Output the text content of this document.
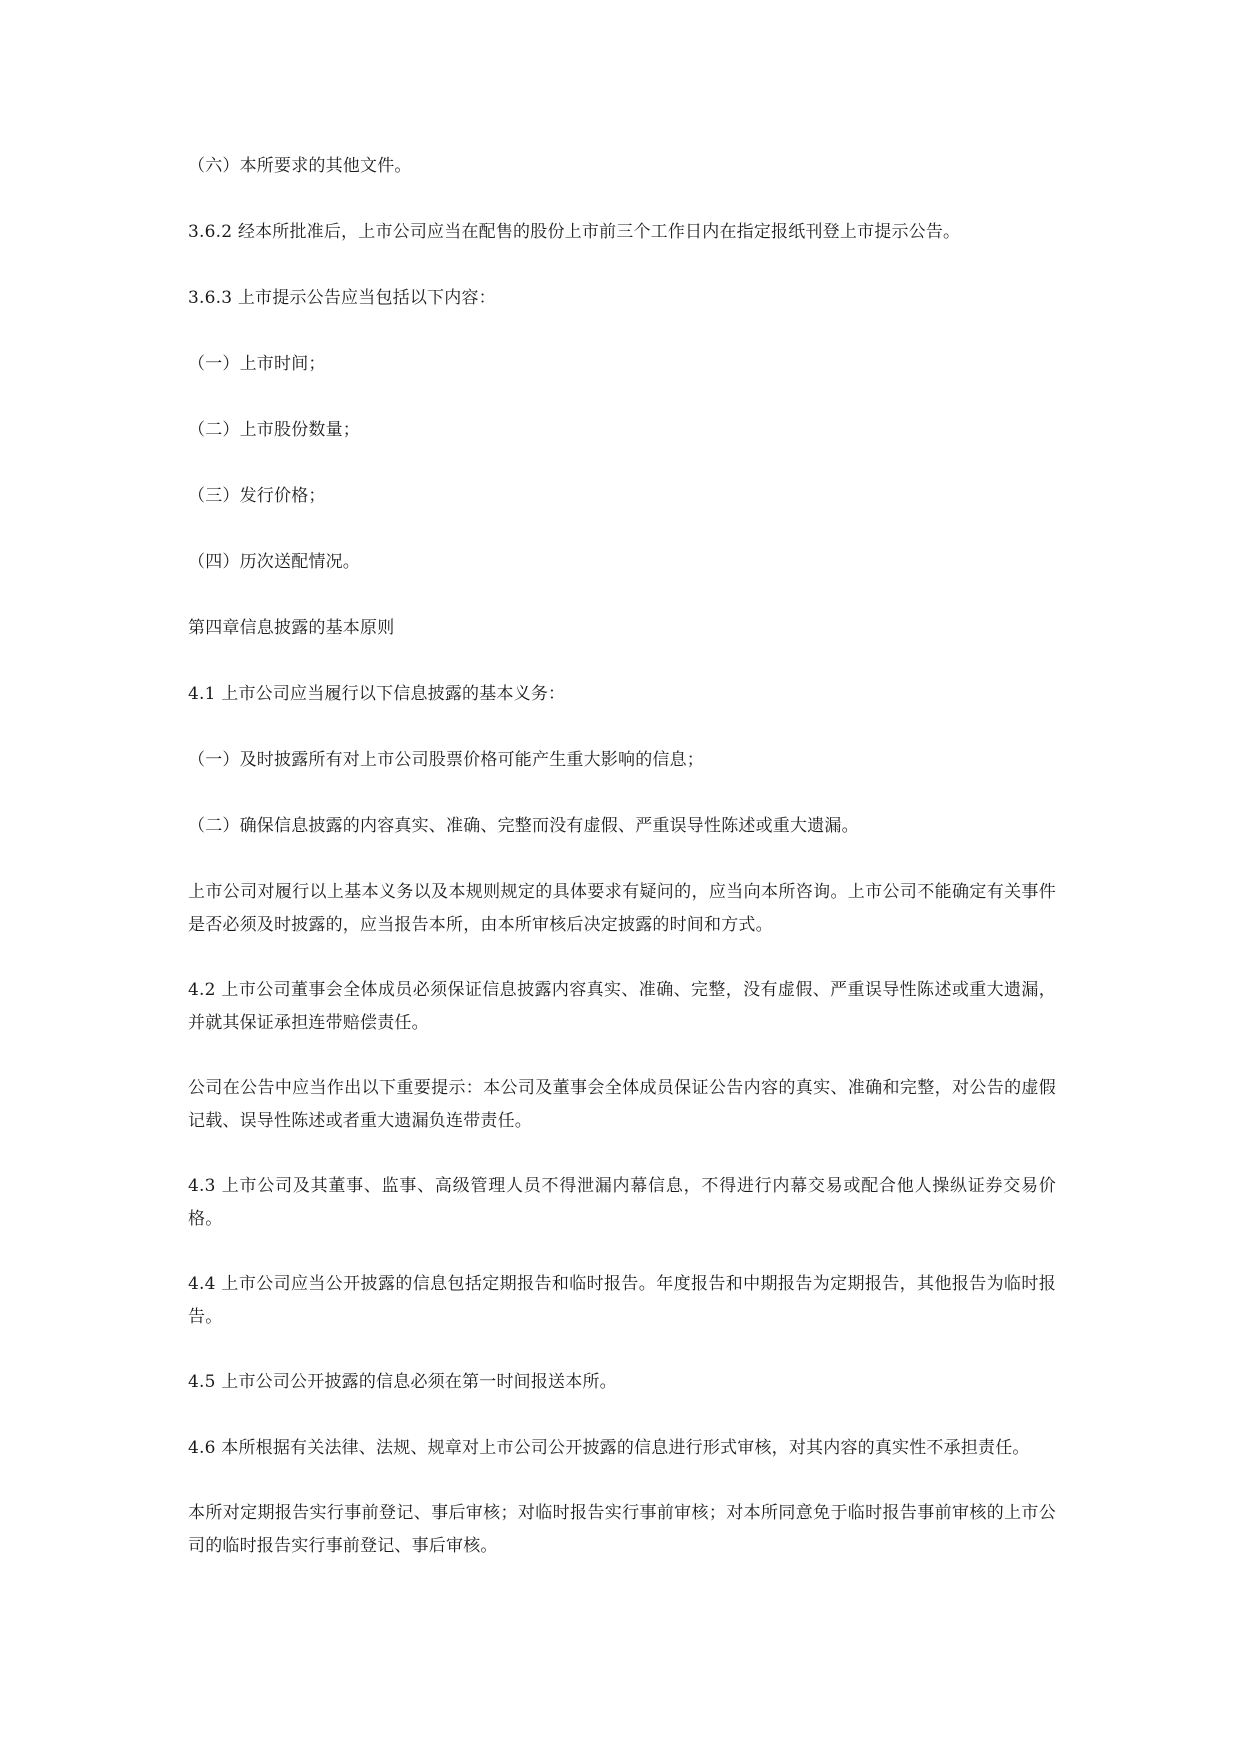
（六）本所要求的其他文件。

3.6.2 经本所批准后，上市公司应当在配售的股份上市前三个工作日内在指定报纸刊登上市提示公告。

3.6.3 上市提示公告应当包括以下内容：

（一）上市时间；

（二）上市股份数量；

（三）发行价格；

（四）历次送配情况。

第四章信息披露的基本原则

4.1 上市公司应当履行以下信息披露的基本义务：

（一）及时披露所有对上市公司股票价格可能产生重大影响的信息；

（二）确保信息披露的内容真实、准确、完整而没有虚假、严重误导性陈述或重大遗漏。

上市公司对履行以上基本义务以及本规则规定的具体要求有疑问的，应当向本所咨询。上市公司不能确定有关事件是否必须及时披露的，应当报告本所，由本所审核后决定披露的时间和方式。

4.2 上市公司董事会全体成员必须保证信息披露内容真实、准确、完整，没有虚假、严重误导性陈述或重大遗漏，并就其保证承担连带赔偿责任。

公司在公告中应当作出以下重要提示：本公司及董事会全体成员保证公告内容的真实、准确和完整，对公告的虚假记载、误导性陈述或者重大遗漏负连带责任。

4.3 上市公司及其董事、监事、高级管理人员不得泄漏内幕信息，不得进行内幕交易或配合他人操纵证券交易价格。

4.4 上市公司应当公开披露的信息包括定期报告和临时报告。年度报告和中期报告为定期报告，其他报告为临时报告。

4.5 上市公司公开披露的信息必须在第一时间报送本所。

4.6 本所根据有关法律、法规、规章对上市公司公开披露的信息进行形式审核，对其内容的真实性不承担责任。

本所对定期报告实行事前登记、事后审核；对临时报告实行事前审核；对本所同意免于临时报告事前审核的上市公司的临时报告实行事前登记、事后审核。
